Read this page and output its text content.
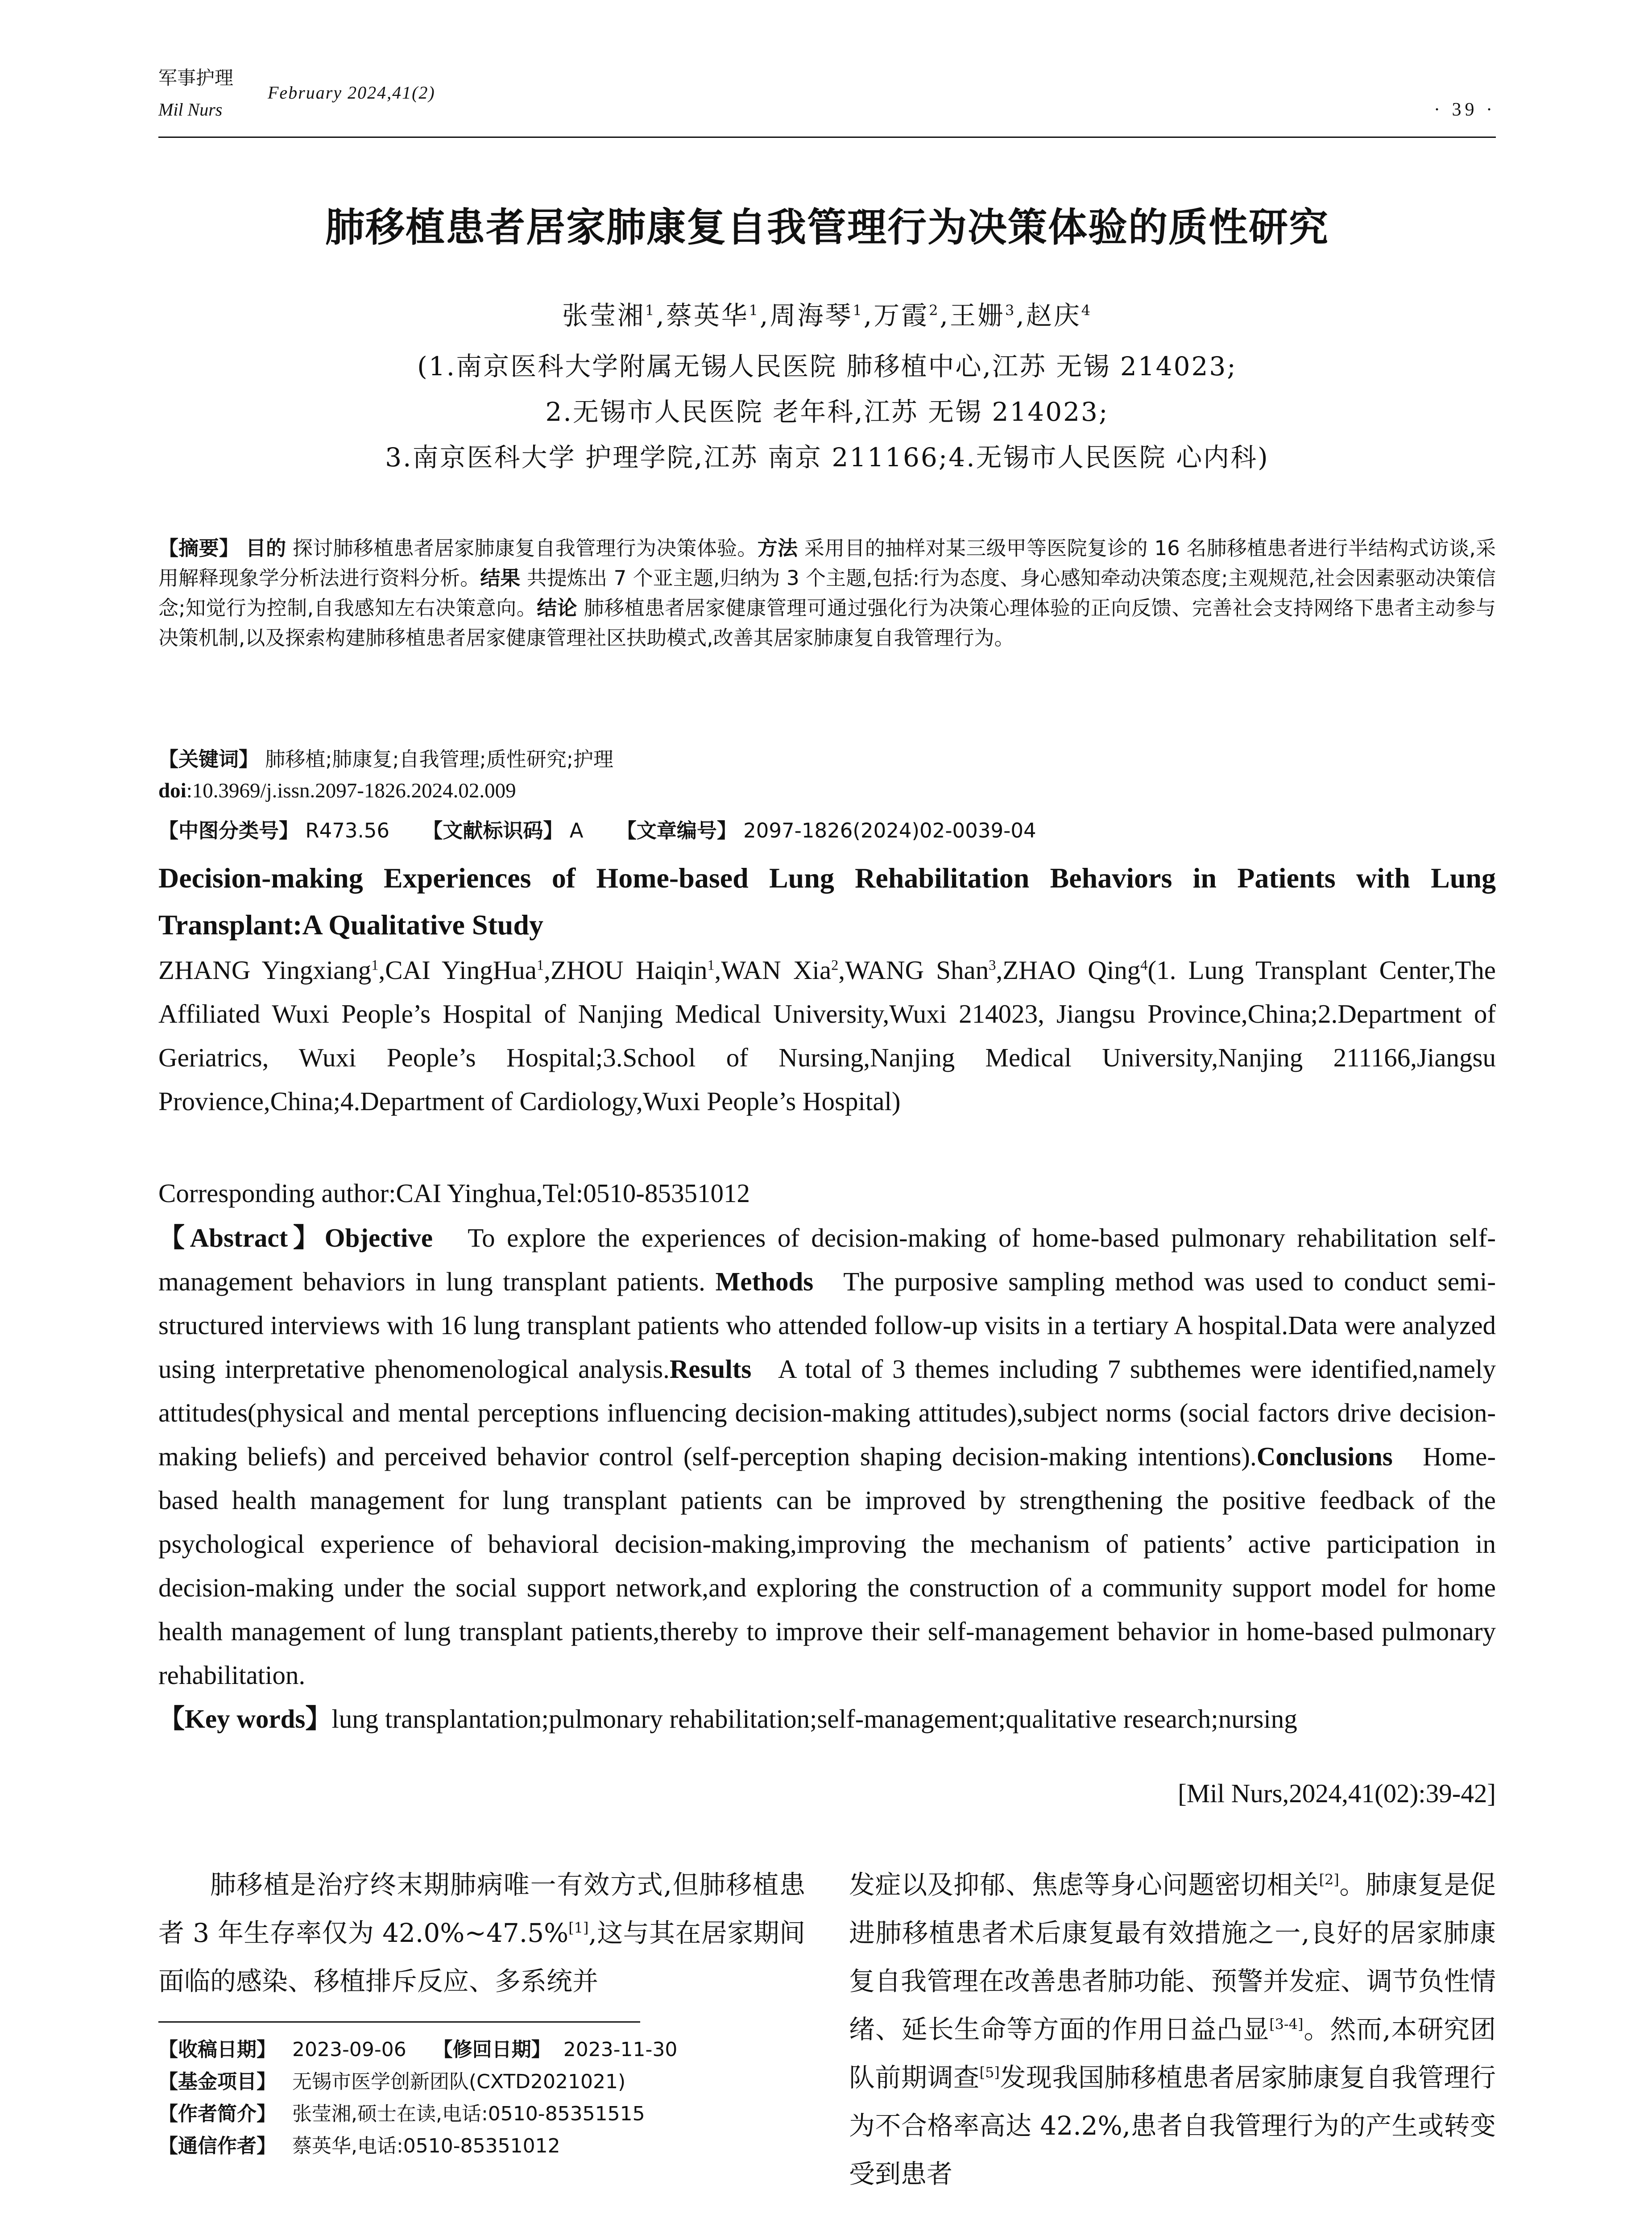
军事护理
February 2024,41(2)
Mil Nurs	· 39 ·
肺移植患者居家肺康复自我管理行为决策体验的质性研究
张莹湘$^1$,蔡英华$^1$,周海琴$^1$,万霞$^2$,王姗$^3$,赵庆$^4$
(1.南京医科大学附属无锡人民医院 肺移植中心,江苏 无锡 214023;
2.无锡市人民医院 老年科,江苏 无锡 214023;
3.南京医科大学 护理学院,江苏 南京 211166;4.无锡市人民医院 心内科)
【摘要】 目的 探讨肺移植患者居家肺康复自我管理行为决策体验。方法 采用目的抽样对某三级甲等医院复诊的 16 名肺移植患者进行半结构式访谈,采用解释现象学分析法进行资料分析。结果 共提炼出 7 个亚主题,归纳为 3 个主题,包括:行为态度、身心感知牵动决策态度;主观规范,社会因素驱动决策信念;知觉行为控制,自我感知左右决策意向。结论 肺移植患者居家健康管理可通过强化行为决策心理体验的正向反馈、完善社会支持网络下患者主动参与决策机制,以及探索构建肺移植患者居家健康管理社区扶助模式,改善其居家肺康复自我管理行为。
【关键词】 肺移植;肺康复;自我管理;质性研究;护理
doi:10.3969/j.issn.2097-1826.2024.02.009
【中图分类号】 R473.56 【文献标识码】 A 【文章编号】 2097-1826(2024)02-0039-04
Decision-making Experiences of Home-based Lung Rehabilitation Behaviors in Patients with Lung Transplant:A Qualitative Study
ZHANG Yingxiang$^1$,CAI YingHua$^1$,ZHOU Haiqin$^1$,WAN Xia$^2$,WANG Shan$^3$,ZHAO Qing$^4$(1. Lung Transplant Center,The Affiliated Wuxi People’s Hospital of Nanjing Medical University,Wuxi 214023, Jiangsu Province,China;2.Department of Geriatrics, Wuxi People’s Hospital;3.School of Nursing,Nanjing Medical University,Nanjing 211166,Jiangsu Provience,China;4.Department of Cardiology,Wuxi People’s Hospital)
Corresponding author:CAI Yinghua,Tel:0510-85351012
【Abstract】Objective To explore the experiences of decision-making of home-based pulmonary rehabilitation self-management behaviors in lung transplant patients. Methods The purposive sampling method was used to conduct semi-structured interviews with 16 lung transplant patients who attended follow-up visits in a tertiary A hospital.Data were analyzed using interpretative phenomenological analysis.Results A total of 3 themes including 7 subthemes were identified,namely attitudes(physical and mental perceptions influencing decision-making attitudes),subject norms (social factors drive decision-making beliefs) and perceived behavior control (self-perception shaping decision-making intentions).Conclusions Home-based health management for lung transplant patients can be improved by strengthening the positive feedback of the psychological experience of behavioral decision-making,improving the mechanism of patients’ active participation in decision-making under the social support network,and exploring the construction of a community support model for home health management of lung transplant patients,thereby to improve their self-management behavior in home-based pulmonary rehabilitation.
【Key words】lung transplantation;pulmonary rehabilitation;self-management;qualitative research;nursing
[Mil Nurs,2024,41(02):39-42]
肺移植是治疗终末期肺病唯一有效方式,但肺移植患者 3 年生存率仅为 42.0%~47.5%[1],这与其在居家期间面临的感染、移植排斥反应、多系统并
发症以及抑郁、焦虑等身心问题密切相关[2]。肺康复是促进肺移植患者术后康复最有效措施之一,良好的居家肺康复自我管理在改善患者肺功能、预警并发症、调节负性情绪、延长生命等方面的作用日益凸显[3-4]。然而,本研究团队前期调查[5]发现我国肺移植患者居家肺康复自我管理行为不合格率高达 42.2%,患者自我管理行为的产生或转变受到患者
【收稿日期】 2023-09-06 【修回日期】 2023-11-30
【基金项目】 无锡市医学创新团队(CXTD2021021)
【作者简介】 张莹湘,硕士在读,电话:0510-85351515
【通信作者】 蔡英华,电话:0510-85351012
